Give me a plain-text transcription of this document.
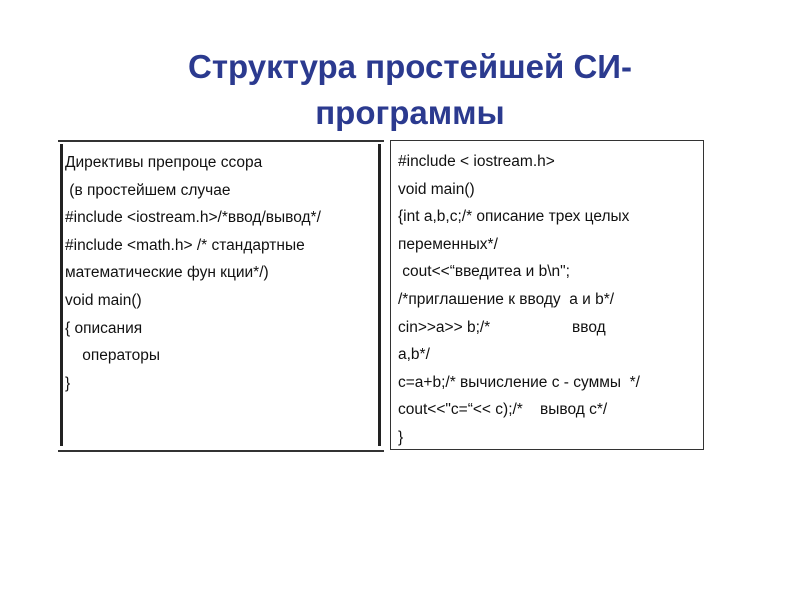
Структура простейшей СИ-
программы
Директивы препроце ссора
(в простейшем случае
#include <iostream.h>/*ввод/вывод*/
#include <math.h> /* стандартные
математические фун кции*/)
void main()
{ описания
операторы
}
#include < iostream.h>
void main()
{int a,b,c;/* описание трех целых
переменных*/
cout<<“введитеa и b\n";
/*приглашение к вводу  a и b*/
cin>>a>> b;/*                   ввод
a,b*/
c=a+b;/* вычисление с - суммы  */
cout<<"c=“<< c);/*    вывод с*/
}
